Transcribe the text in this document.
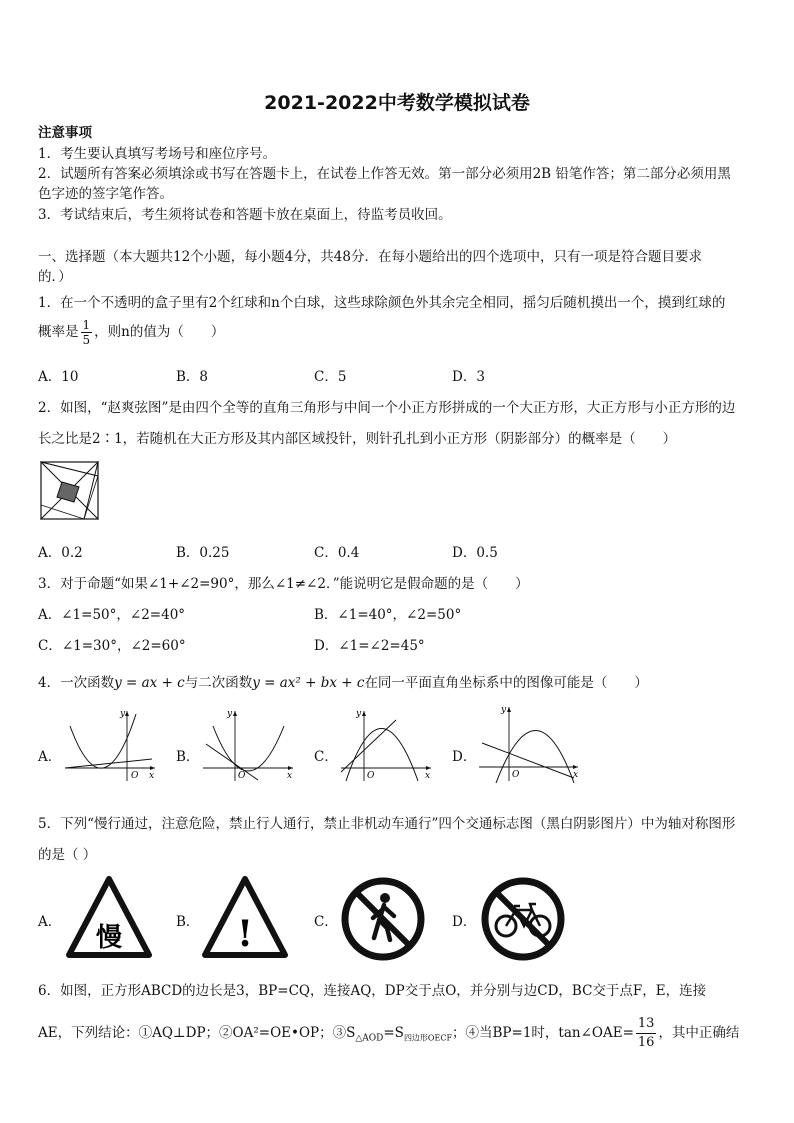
2021-2022中考数学模拟试卷
注意事项
1．考生要认真填写考场号和座位序号。
2．试题所有答案必须填涂或书写在答题卡上，在试卷上作答无效。第一部分必须用2B 铅笔作答；第二部分必须用黑
色字迹的签字笔作答。
3．考试结束后，考生须将试卷和答题卡放在桌面上，待监考员收回。
一、选择题（本大题共12个小题，每小题4分，共48分．在每小题给出的四个选项中，只有一项是符合题目要求
的．）
1．在一个不透明的盒子里有2个红球和n个白球，这些球除颜色外其余完全相同，摇匀后随机摸出一个，摸到红球的
概率是 $\frac{1}{5}$ ，则n的值为（　　）
A．10	B．8	C．5	D．3
2．如图，“赵爽弦图”是由四个全等的直角三角形与中间一个小正方形拼成的一个大正方形，大正方形与小正方形的边
长之比是2∶1，若随机在大正方形及其内部区域投针，则针孔扎到小正方形（阴影部分）的概率是（　　）
A．0.2	B．0.25	C．0.4	D．0.5
3．对于命题“如果∠1+∠2=90°，那么∠1≠∠2．”能说明它是假命题的是（　　）
A．∠1=50°，∠2=40°	B．∠1=40°，∠2=50°
C．∠1=30°，∠2=60°	D．∠1=∠2=45°
4．一次函数y = ax + c与二次函数y = ax² + bx + c在同一平面直角坐标系中的图像可能是（　　）
A．
y
x
O
B．
y
x
O
C．
y
x
O
D．
y
x
O
5．下列“慢行通过，注意危险，禁止行人通行，禁止非机动车通行”四个交通标志图（黑白阴影图片）中为轴对称图形
的是（ ）
A．
慢
B． !	C．	D．
6．如图，正方形ABCD的边长是3，BP=CQ，连接AQ，DP交于点O，并分别与边CD，BC交于点F，E，连接
AE，下列结论：①AQ⊥DP；②OA²=OE•OP；$③S_{\triangle AOD}=S_{四边形OECF}$；④当BP=1时，tan∠OAE= $\frac{13}{16}$ ，其中正确结
